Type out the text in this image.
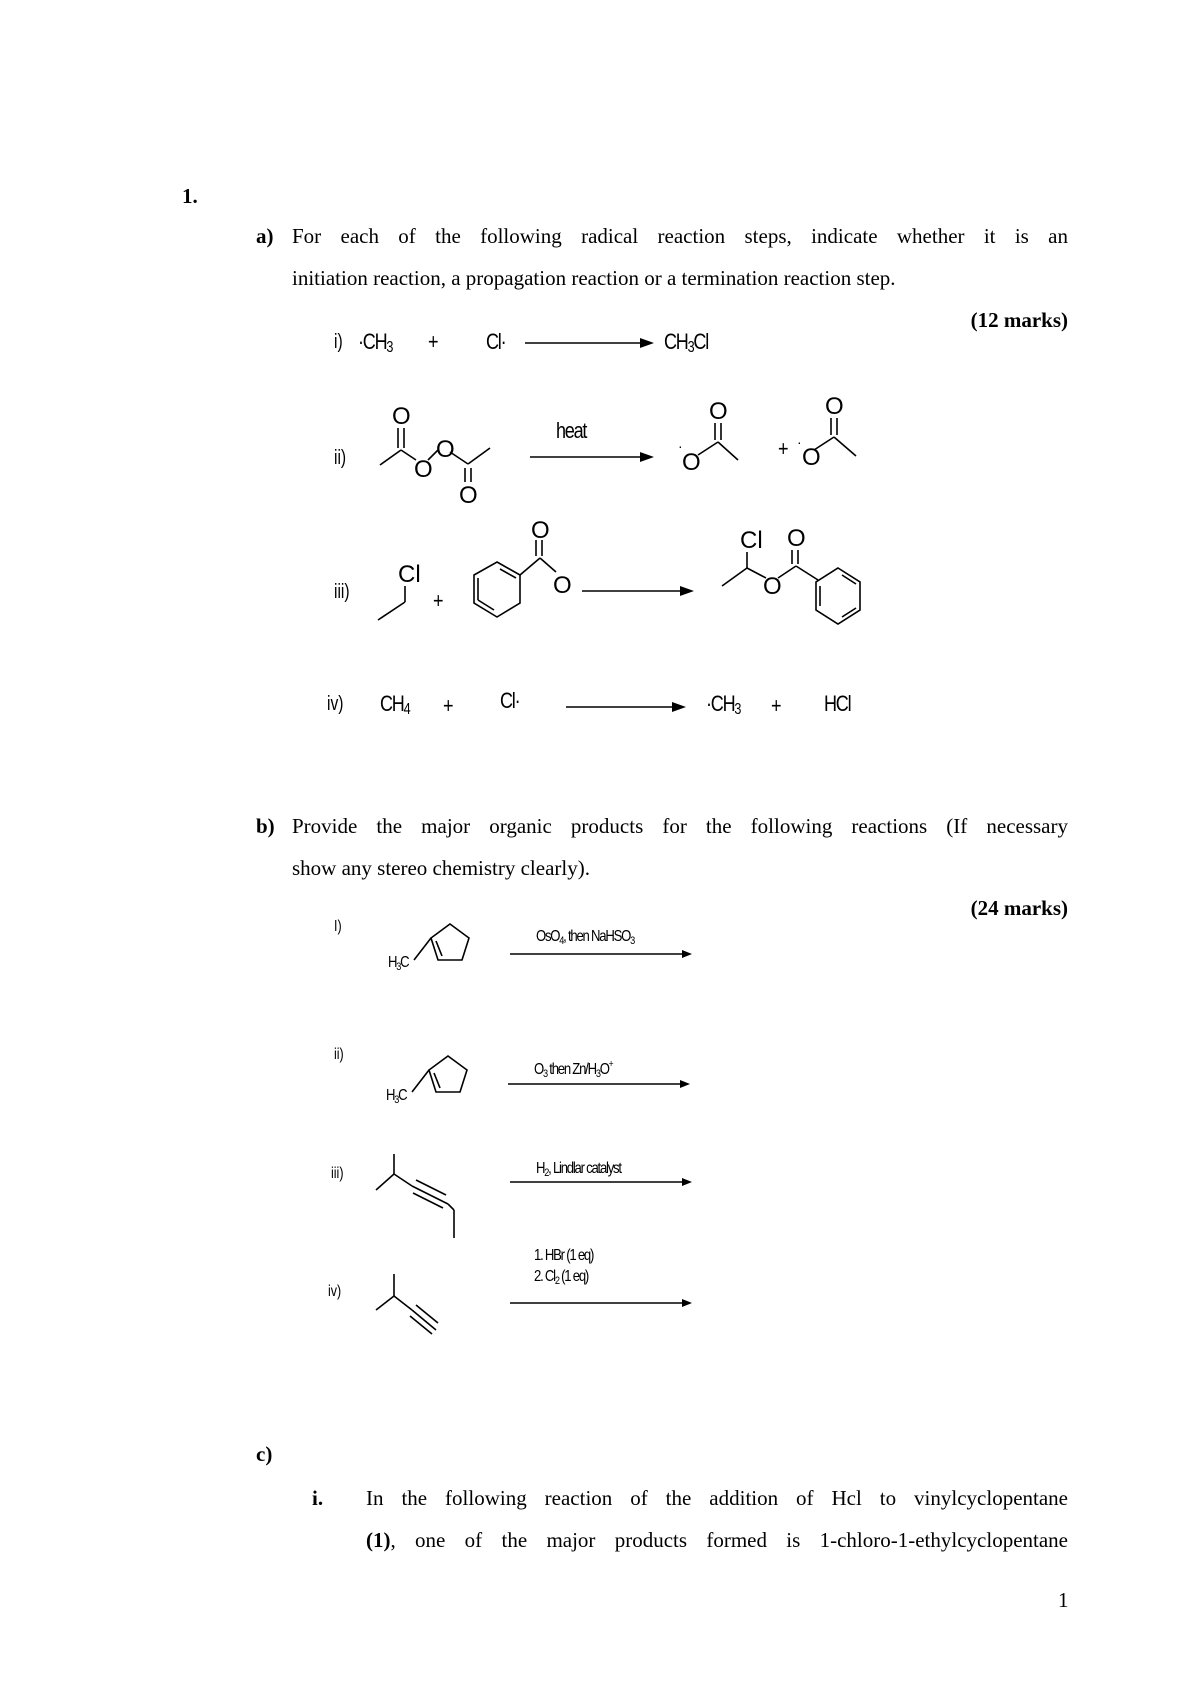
1.
a) For each of the following radical reaction steps, indicate whether it is an
initiation reaction, a propagation reaction or a termination reaction step.
(12 marks)
$i) \cdot CH_3 + Cl\cdot$	$CH_3Cl$
ii)
O
O
O
O
heat
O
O
·	+
O
O
·
iii)
Cl
+
O
O
Cl
O
O
iv) $CH_4 + Cl\cdot$	$\cdot CH_3$ + HCl
b) Provide the major organic products for the following reactions (If necessary
show any stereo chemistry clearly).
(24 marks)
I)
$H_3C$
OsO$_4$, then NaHSO$_3$
ii)
$H_3C$
$O_3$ then $Zn/H_3O^+$
iii)	$H_2$, Lindlar catalyst
iv)
1. HBr (1 eq)
2. $Cl_2$ (1 eq)
c)
i. In the following reaction of the addition of Hcl to vinylcyclopentane
(1), one of the major products formed is 1-chloro-1-ethylcyclopentane
1
